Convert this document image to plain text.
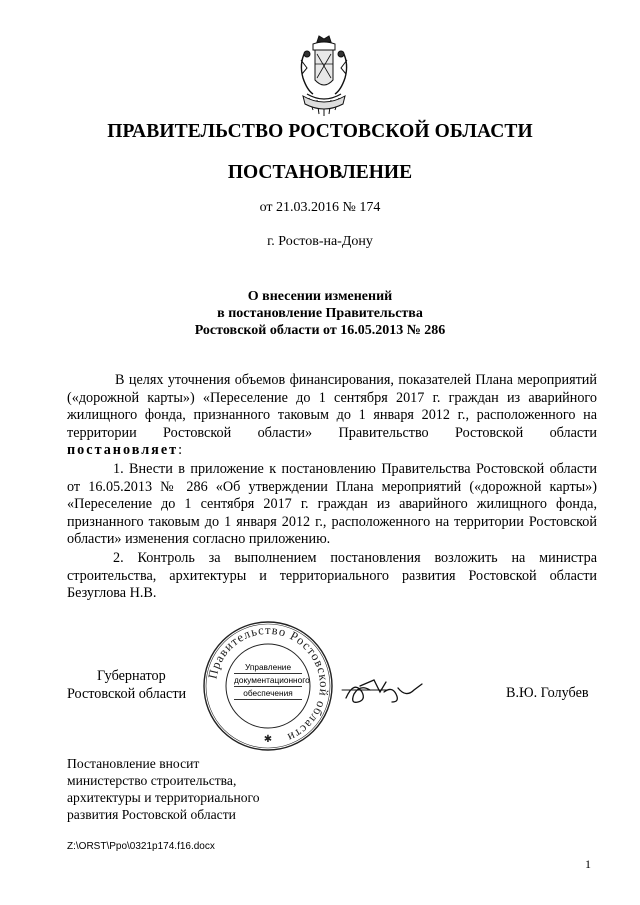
ПРАВИТЕЛЬСТВО РОСТОВСКОЙ ОБЛАСТИ
ПОСТАНОВЛЕНИЕ
от 21.03.2016 № 174
г. Ростов-на-Дону
О внесении изменений
в постановление Правительства
Ростовской области от 16.05.2013 № 286
В целях уточнения объемов финансирования, показателей Плана мероприятий («дорожной карты») «Переселение до 1 сентября 2017 г. граждан из аварийного жилищного фонда, признанного таковым до 1 января 2012 г., расположенного на территории Ростовской области» Правительство Ростовской области постановляет:
1. Внести в приложение к постановлению Правительства Ростовской области от 16.05.2013 № 286 «Об утверждении Плана мероприятий («дорожной карты») «Переселение до 1 сентября 2017 г. граждан из аварийного жилищного фонда, признанного таковым до 1 января 2012 г., расположенного на территории Ростовской области» изменения согласно приложению.
2. Контроль за выполнением постановления возложить на министра строительства, архитектуры и территориального развития Ростовской области Безуглова Н.В.
Губернатор
Ростовской области
Правительство Ростовской области
✱
Управление
документационного
обеспечения	В.Ю. Голубев
Постановление вносит
министерство строительства,
архитектуры и территориального
развития Ростовской области
Z:\ORST\Ppo\0321p174.f16.docx
1
